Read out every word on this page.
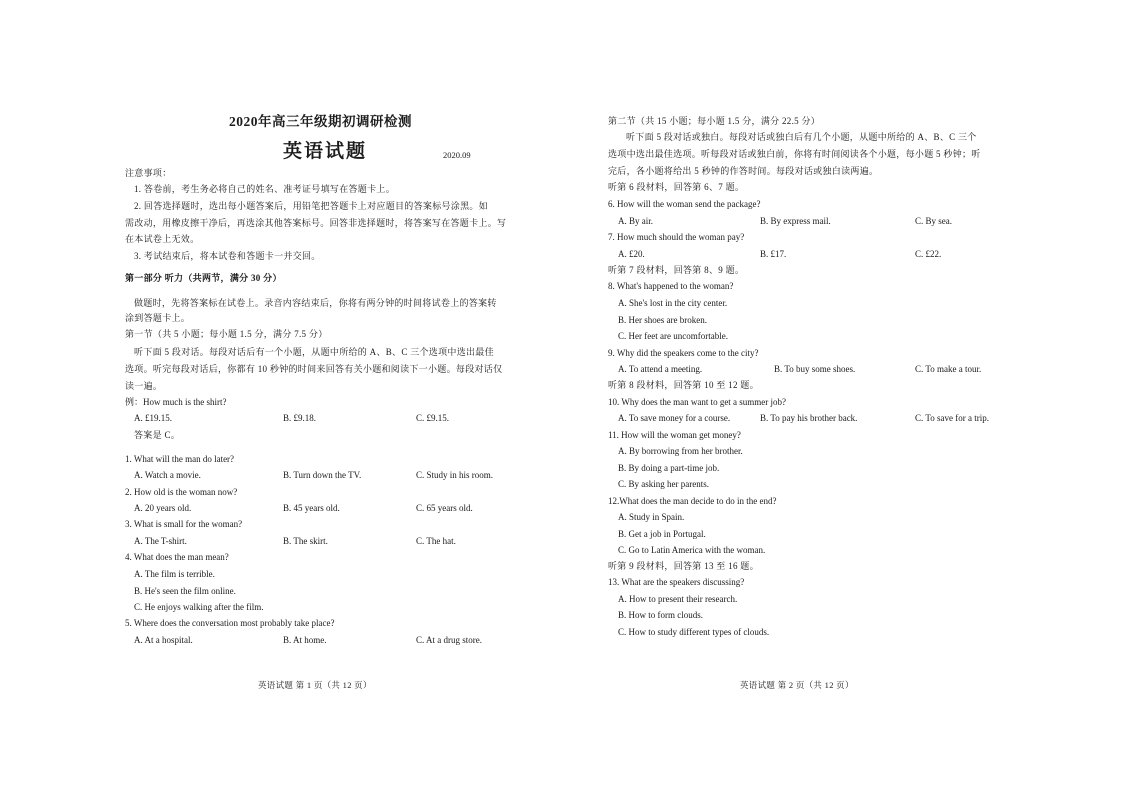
2020年高三年级期初调研检测
英语试题	2020.09
注意事项：
1. 答卷前，考生务必将自己的姓名、准考证号填写在答题卡上。
2. 回答选择题时，选出每小题答案后，用铅笔把答题卡上对应题目的答案标号涂黑。如
需改动，用橡皮擦干净后，再选涂其他答案标号。回答非选择题时，将答案写在答题卡上。写
在本试卷上无效。
3. 考试结束后，将本试卷和答题卡一并交回。
第一部分 听力（共两节，满分 30 分）
做题时，先将答案标在试卷上。录音内容结束后，你将有两分钟的时间将试卷上的答案转
涂到答题卡上。
第一节（共 5 小题；每小题 1.5 分，满分 7.5 分）
听下面 5 段对话。每段对话后有一个小题，从题中所给的 A、B、C 三个选项中选出最佳
选项。听完每段对话后，你都有 10 秒钟的时间来回答有关小题和阅读下一小题。每段对话仅
读一遍。
例：How much is the shirt?
A. £19.15.	B. £9.18.	C. £9.15.
答案是 C。
1. What will the man do later?
A. Watch a movie.	B. Turn down the TV.	C. Study in his room.
2. How old is the woman now?
A. 20 years old.	B. 45 years old.	C. 65 years old.
3. What is small for the woman?
A. The T-shirt.	B. The skirt.	C. The hat.
4. What does the man mean?
A. The film is terrible.
B. He's seen the film online.
C. He enjoys walking after the film.
5. Where does the conversation most probably take place?
A. At a hospital.	B. At home.	C. At a drug store.
英语试题 第 1 页（共 12 页）
第二节（共 15 小题；每小题 1.5 分，满分 22.5 分）
听下面 5 段对话或独白。每段对话或独白后有几个小题，从题中所给的 A、B、C 三个
选项中选出最佳选项。听每段对话或独白前，你将有时间阅读各个小题，每小题 5 秒钟；听
完后，各小题将给出 5 秒钟的作答时间。每段对话或独白读两遍。
听第 6 段材料，回答第 6、7 题。
6. How will the woman send the package?
A. By air.	B. By express mail.	C. By sea.
7. How much should the woman pay?
A. £20.	B. £17.	C. £22.
听第 7 段材料，回答第 8、9 题。
8. What's happened to the woman?
A. She's lost in the city center.
B. Her shoes are broken.
C. Her feet are uncomfortable.
9. Why did the speakers come to the city?
A. To attend a meeting.	B. To buy some shoes.	C. To make a tour.
听第 8 段材料，回答第 10 至 12 题。
10. Why does the man want to get a summer job?
A. To save money for a course.	B. To pay his brother back.	C. To save for a trip.
11. How will the woman get money?
A. By borrowing from her brother.
B. By doing a part-time job.
C. By asking her parents.
12.What does the man decide to do in the end?
A. Study in Spain.
B. Get a job in Portugal.
C. Go to Latin America with the woman.
听第 9 段材料，回答第 13 至 16 题。
13. What are the speakers discussing?
A. How to present their research.
B. How to form clouds.
C. How to study different types of clouds.
英语试题 第 2 页（共 12 页）
